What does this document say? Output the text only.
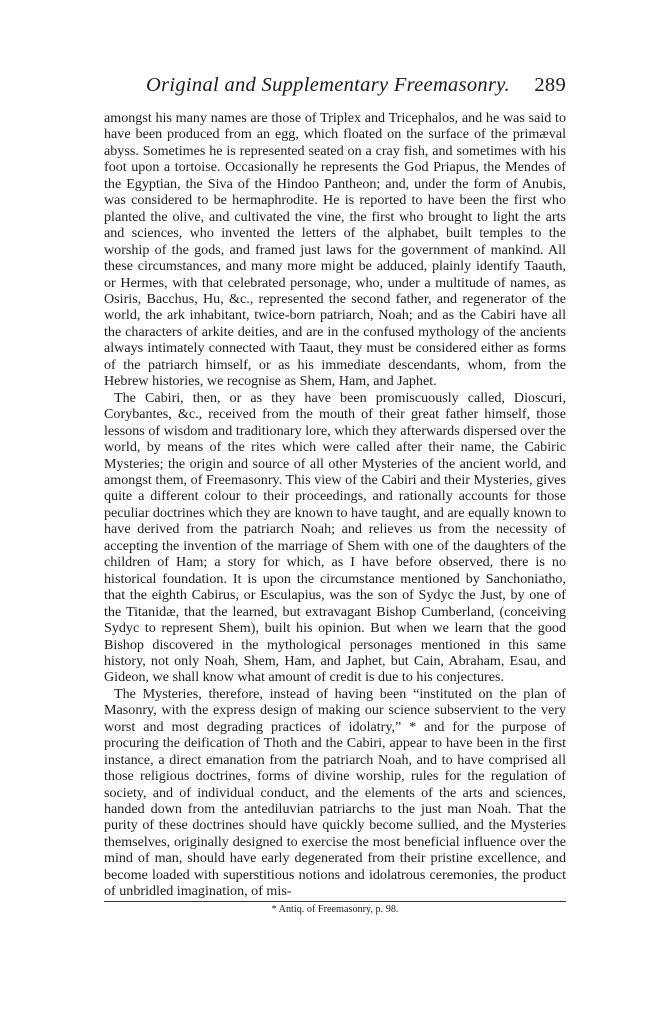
Original and Supplementary Freemasonry. 289

amongst his many names are those of Triplex and Tricephalos, and he was said to have been produced from an egg, which floated on the surface of the primæval abyss. Sometimes he is represented seated on a cray fish, and sometimes with his foot upon a tortoise. Occasionally he represents the God Priapus, the Mendes of the Egyptian, the Siva of the Hindoo Pantheon; and, under the form of Anubis, was considered to be hermaphrodite. He is reported to have been the first who planted the olive, and cultivated the vine, the first who brought to light the arts and sciences, who invented the letters of the alphabet, built temples to the worship of the gods, and framed just laws for the government of mankind. All these circumstances, and many more might be adduced, plainly identify Taauth, or Hermes, with that celebrated personage, who, under a multitude of names, as Osiris, Bacchus, Hu, &c., represented the second father, and regenerator of the world, the ark inhabitant, twice-born patriarch, Noah; and as the Cabiri have all the characters of arkite deities, and are in the confused mythology of the ancients always intimately connected with Taaut, they must be considered either as forms of the patriarch himself, or as his immediate descendants, whom, from the Hebrew histories, we recognise as Shem, Ham, and Japhet.

The Cabiri, then, or as they have been promiscuously called, Dioscuri, Corybantes, &c., received from the mouth of their great father himself, those lessons of wisdom and traditionary lore, which they afterwards dispersed over the world, by means of the rites which were called after their name, the Cabiric Mysteries; the origin and source of all other Mysteries of the ancient world, and amongst them, of Freemasonry. This view of the Cabiri and their Mysteries, gives quite a different colour to their proceedings, and rationally accounts for those peculiar doctrines which they are known to have taught, and are equally known to have derived from the patriarch Noah; and relieves us from the necessity of accepting the invention of the marriage of Shem with one of the daughters of the children of Ham; a story for which, as I have before observed, there is no historical foundation. It is upon the circumstance mentioned by Sanchoniatho, that the eighth Cabirus, or Esculapius, was the son of Sydyc the Just, by one of the Titanidæ, that the learned, but extravagant Bishop Cumberland, (conceiving Sydyc to represent Shem), built his opinion. But when we learn that the good Bishop discovered in the mythological personages mentioned in this same history, not only Noah, Shem, Ham, and Japhet, but Cain, Abraham, Esau, and Gideon, we shall know what amount of credit is due to his conjectures.

The Mysteries, therefore, instead of having been “instituted on the plan of Masonry, with the express design of making our science subservient to the very worst and most degrading practices of idolatry,” * and for the purpose of procuring the deification of Thoth and the Cabiri, appear to have been in the first instance, a direct emanation from the patriarch Noah, and to have comprised all those religious doctrines, forms of divine worship, rules for the regulation of society, and of individual conduct, and the elements of the arts and sciences, handed down from the antediluvian patriarchs to the just man Noah. That the purity of these doctrines should have quickly become sullied, and the Mysteries themselves, originally designed to exercise the most beneficial influence over the mind of man, should have early degenerated from their pristine excellence, and become loaded with superstitious notions and idolatrous ceremonies, the product of unbridled imagination, of mis-

* Antiq. of Freemasonry, p. 98.
